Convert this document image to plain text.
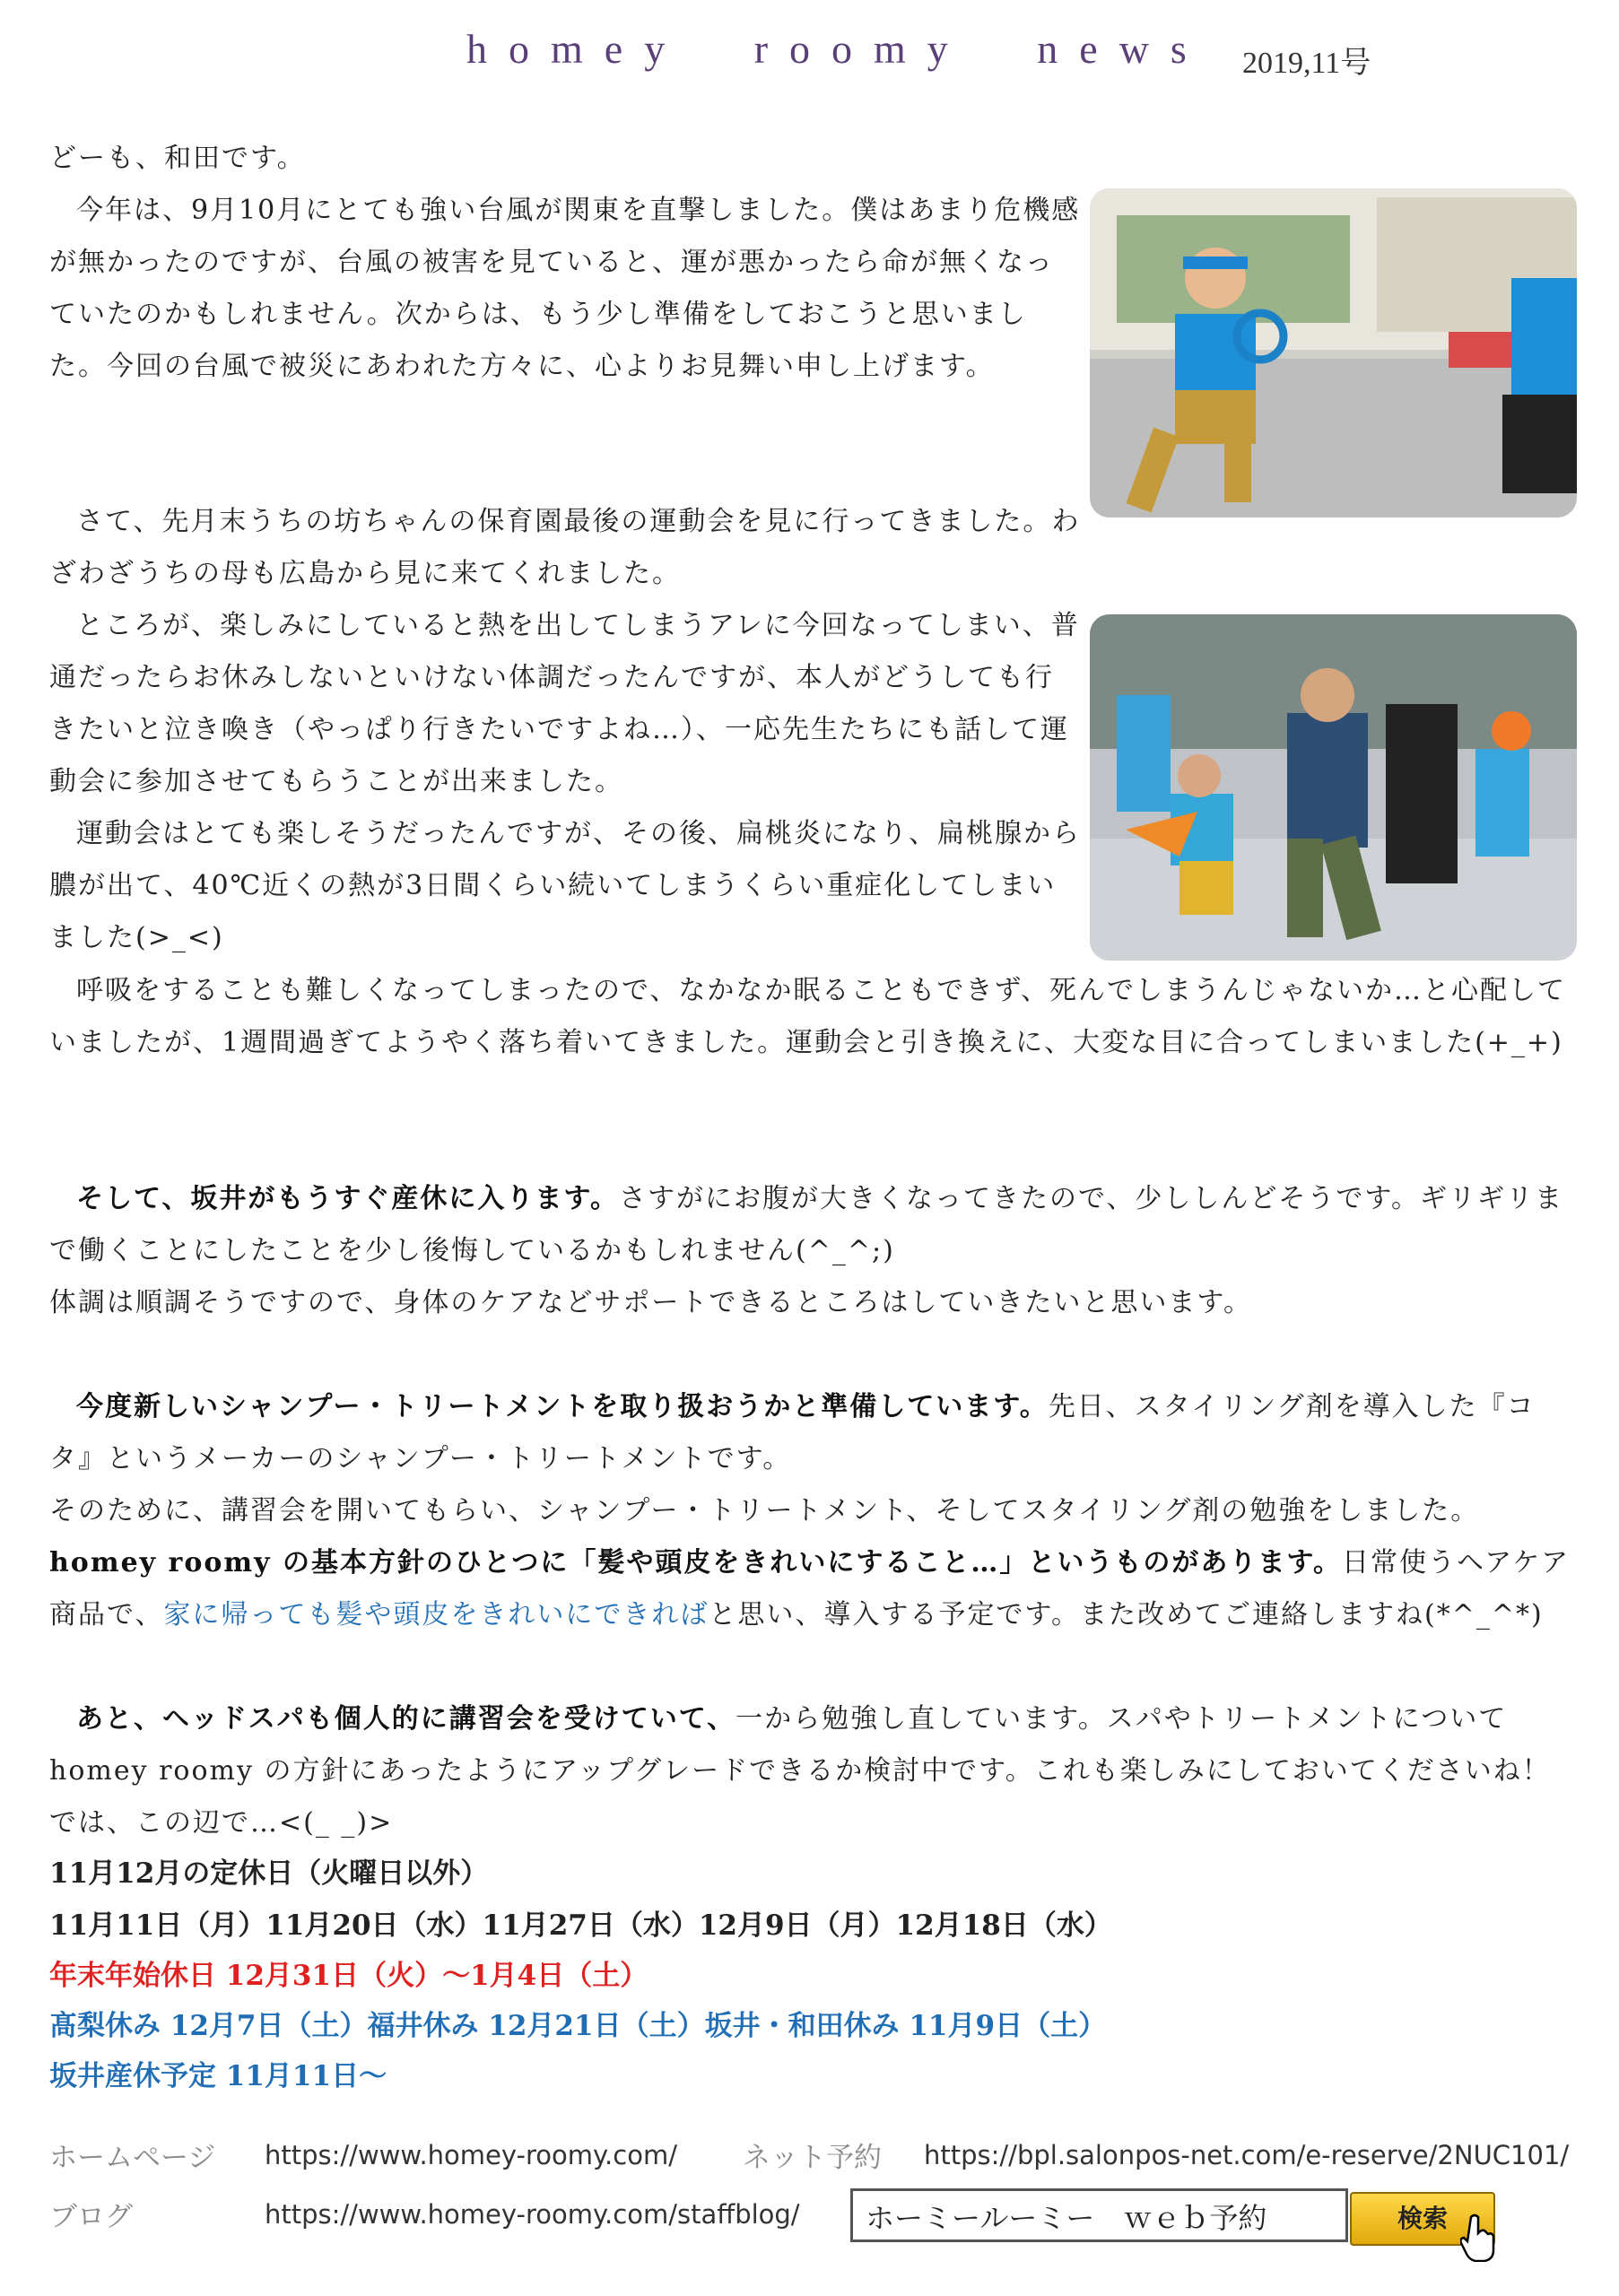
homey roomy news 2019,11号

どーも、和田です。

今年は、9月10月にとても強い台風が関東を直撃しました。僕はあまり危機感が無かったのですが、台風の被害を見ていると、運が悪かったら命が無くなっていたのかもしれません。次からは、もう少し準備をしておこうと思いました。今回の台風で被災にあわれた方々に、心よりお見舞い申し上げます。

さて、先月末うちの坊ちゃんの保育園最後の運動会を見に行ってきました。わざわざうちの母も広島から見に来てくれました。

ところが、楽しみにしていると熱を出してしまうアレに今回なってしまい、普通だったらお休みしないといけない体調だったんですが、本人がどうしても行きたいと泣き喚き（やっぱり行きたいですよね…）、一応先生たちにも話して運動会に参加させてもらうことが出来ました。

運動会はとても楽しそうだったんですが、その後、扁桃炎になり、扁桃腺から膿が出て、40℃近くの熱が3日間くらい続いてしまうくらい重症化してしまいました(>_<)

呼吸をすることも難しくなってしまったので、なかなか眠ることもできず、死んでしまうんじゃないか…と心配していましたが、1週間過ぎてようやく落ち着いてきました。運動会と引き換えに、大変な目に合ってしまいました(+_+)

そして、坂井がもうすぐ産休に入ります。さすがにお腹が大きくなってきたので、少ししんどそうです。ギリギリまで働くことにしたことを少し後悔しているかもしれません(^_^;)

体調は順調そうですので、身体のケアなどサポートできるところはしていきたいと思います。

今度新しいシャンプー・トリートメントを取り扱おうかと準備しています。先日、スタイリング剤を導入した『コタ』というメーカーのシャンプー・トリートメントです。

そのために、講習会を開いてもらい、シャンプー・トリートメント、そしてスタイリング剤の勉強をしました。

homey roomy の基本方針のひとつに「髪や頭皮をきれいにすること…」というものがあります。日常使うヘアケア商品で、家に帰っても髪や頭皮をきれいにできればと思い、導入する予定です。また改めてご連絡しますね(*^_^*)

あと、ヘッドスパも個人的に講習会を受けていて、一から勉強し直しています。スパやトリートメントについて homey roomy の方針にあったようにアップグレードできるか検討中です。これも楽しみにしておいてくださいね！　では、この辺で…<(_ _)>

11月12月の定休日（火曜日以外）

11月11日（月）11月20日（水）11月27日（水）12月9日（月）12月18日（水）

年末年始休日 12月31日（火）〜1月4日（土）

髙梨休み 12月7日（土）福井休み 12月21日（土）坂井・和田休み 11月9日（土）

坂井産休予定 11月11日〜

ホームページ https://www.homey-roomy.com/ ネット予約 https://bpl.salonpos-net.com/e-reserve/2NUC101/
ブログ	https://www.homey-roomy.com/staffblog/	ホーミールーミー　ｗｅｂ予約	検索
